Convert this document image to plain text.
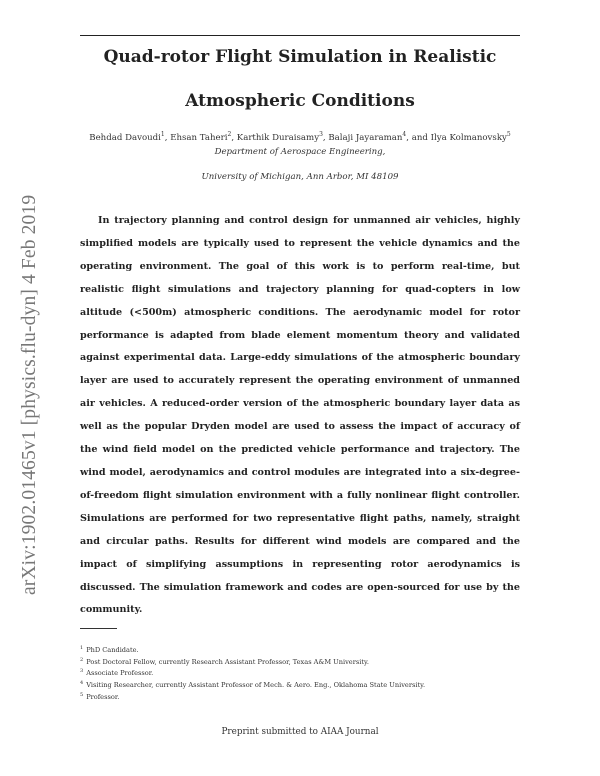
Quad-rotor Flight Simulation in Realistic
Atmospheric Conditions
Behdad Davoudi$^1$, Ehsan Taheri$^2$, Karthik Duraisamy$^3$, Balaji Jayaraman$^4$, and Ilya Kolmanovsky$^5$
Department of Aerospace Engineering,
University of Michigan, Ann Arbor, MI 48109
arXiv:1902.01465v1 [physics.flu-dyn] 4 Feb 2019	In trajectory planning and control design for unmanned air vehicles, highly simplified models are typically used to represent the vehicle dynamics and the operating environment. The goal of this work is to perform real-time, but realistic flight simulations and trajectory planning for quad-copters in low altitude (<500m) atmospheric conditions. The aerodynamic model for rotor performance is adapted from blade element momentum theory and validated against experimental data. Large-eddy simulations of the atmospheric boundary layer are used to accurately represent the operating environment of unmanned air vehicles. A reduced-order version of the atmospheric boundary layer data as well as the popular Dryden model are used to assess the impact of accuracy of the wind field model on the predicted vehicle performance and trajectory. The wind model, aerodynamics and control modules are integrated into a six-degree-of-freedom flight simulation environment with a fully nonlinear flight controller. Simulations are performed for two representative flight paths, namely, straight and circular paths. Results for different wind models are compared and the impact of simplifying assumptions in representing rotor aerodynamics is discussed. The simulation framework and codes are open-sourced for use by the community.

$^1$ PhD Candidate.
$^2$ Post Doctoral Fellow, currently Research Assistant Professor, Texas A&M University.
$^3$ Associate Professor.
$^4$ Visiting Researcher, currently Assistant Professor of Mech. & Aero. Eng., Oklahoma State University.
$^5$ Professor.
Preprint submitted to AIAA Journal
